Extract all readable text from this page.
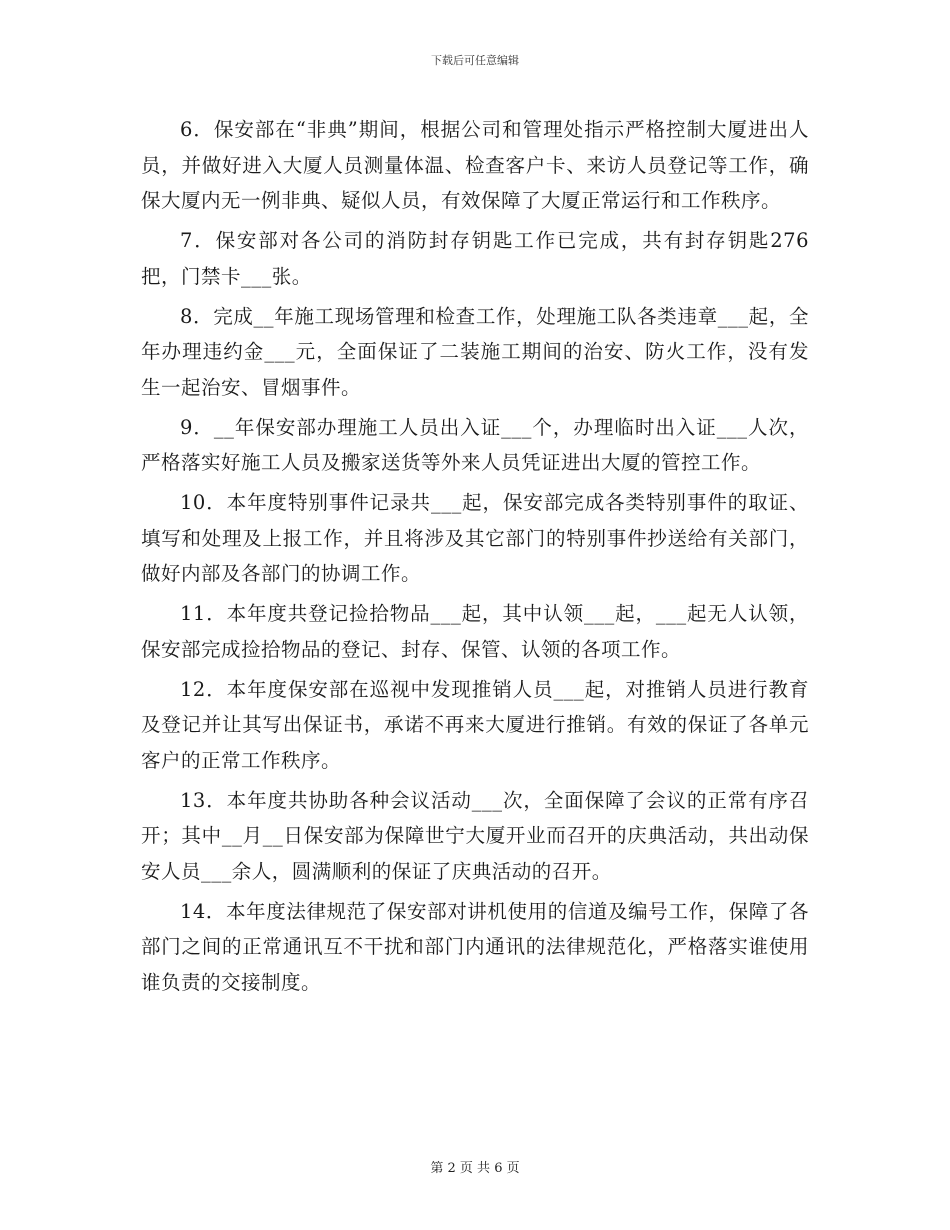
下载后可任意编辑

6．保安部在“非典”期间，根据公司和管理处指示严格控制大厦进出人员，并做好进入大厦人员测量体温、检查客户卡、来访人员登记等工作，确保大厦内无一例非典、疑似人员，有效保障了大厦正常运行和工作秩序。

7．保安部对各公司的消防封存钥匙工作已完成，共有封存钥匙276把，门禁卡___张。

8．完成__年施工现场管理和检查工作，处理施工队各类违章___起，全年办理违约金___元，全面保证了二装施工期间的治安、防火工作，没有发生一起治安、冒烟事件。

9．__年保安部办理施工人员出入证___个，办理临时出入证___人次，严格落实好施工人员及搬家送货等外来人员凭证进出大厦的管控工作。

10．本年度特别事件记录共___起，保安部完成各类特别事件的取证、填写和处理及上报工作，并且将涉及其它部门的特别事件抄送给有关部门，做好内部及各部门的协调工作。

11．本年度共登记捡拾物品___起，其中认领___起，___起无人认领，保安部完成捡拾物品的登记、封存、保管、认领的各项工作。

12．本年度保安部在巡视中发现推销人员___起，对推销人员进行教育及登记并让其写出保证书，承诺不再来大厦进行推销。有效的保证了各单元客户的正常工作秩序。

13．本年度共协助各种会议活动___次，全面保障了会议的正常有序召开；其中__月__日保安部为保障世宁大厦开业而召开的庆典活动，共出动保安人员___余人，圆满顺利的保证了庆典活动的召开。

14．本年度法律规范了保安部对讲机使用的信道及编号工作，保障了各部门之间的正常通讯互不干扰和部门内通讯的法律规范化，严格落实谁使用谁负责的交接制度。

第 2 页 共 6 页
